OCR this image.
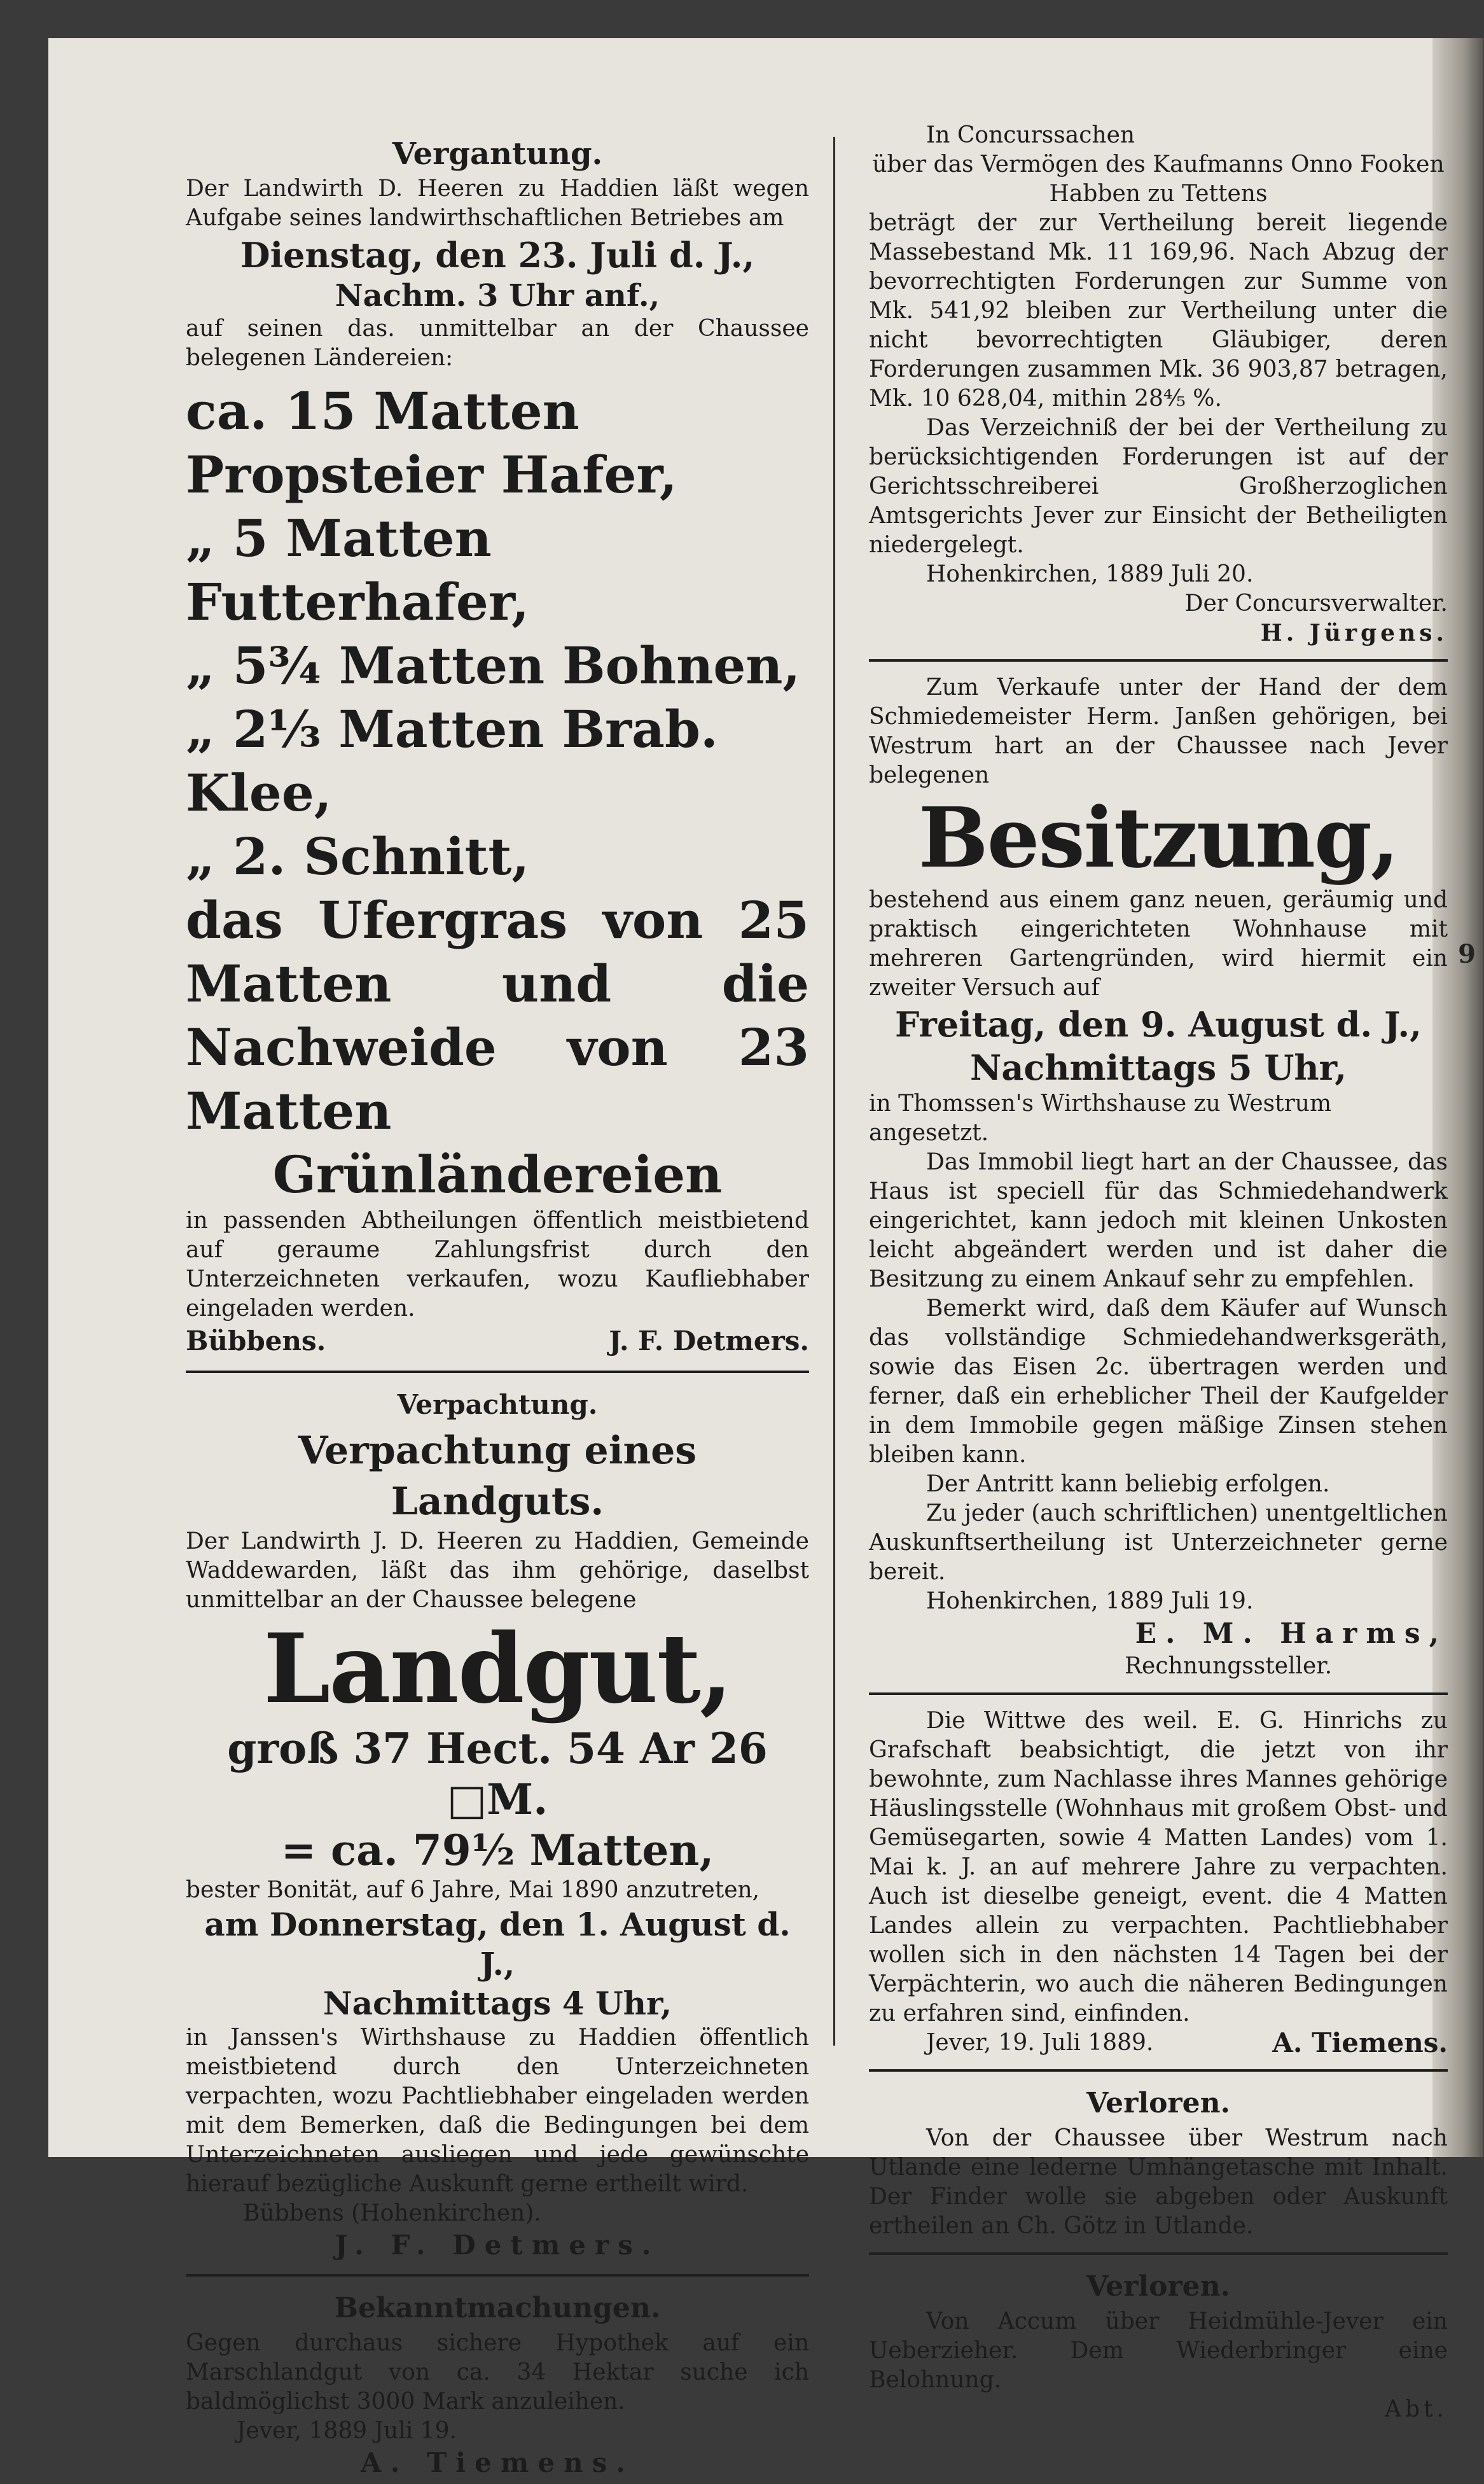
9

Vergantung.

Der Landwirth D. Heeren zu Haddien läßt wegen Aufgabe seines landwirthschaftlichen Betriebes am

Dienstag, den 23. Juli d. J.,

Nachm. 3 Uhr anf.,

auf seinen das. unmittelbar an der Chaussee belegenen Ländereien:

ca. 15 Matten Propsteier Hafer,

„ 5 Matten Futterhafer,

„ 5¾ Matten Bohnen,

„ 2⅓ Matten Brab. Klee,

„ 2. Schnitt,

das Ufergras von 25 Matten und die Nachweide von 23 Matten Grünländereien

in passenden Abtheilungen öffentlich meistbietend auf geraume Zahlungsfrist durch den Unterzeichneten verkaufen, wozu Kaufliebhaber eingeladen werden.

Bübbens.	J. F. Detmers.

Verpachtung.

Verpachtung eines Landguts.

Der Landwirth J. D. Heeren zu Haddien, Gemeinde Waddewarden, läßt das ihm gehörige, daselbst unmittelbar an der Chaussee belegene

Landgut,

groß 37 Hect. 54 Ar 26 □M.

= ca. 79½ Matten,

bester Bonität, auf 6 Jahre, Mai 1890 anzutreten,

am Donnerstag, den 1. August d. J.,

Nachmittags 4 Uhr,

in Janssen's Wirthshause zu Haddien öffentlich meistbietend durch den Unterzeichneten verpachten, wozu Pachtliebhaber eingeladen werden mit dem Bemerken, daß die Bedingungen bei dem Unterzeichneten ausliegen und jede gewünschte hierauf bezügliche Auskunft gerne ertheilt wird.

Bübbens (Hohenkirchen).

J. F. Detmers.

Bekanntmachungen.

Gegen durchaus sichere Hypothek auf ein Marschlandgut von ca. 34 Hektar suche ich baldmöglichst 3000 Mark anzuleihen.

Jever, 1889 Juli 19.

A. Tiemens.

In Concurssachen

über das Vermögen des Kaufmanns Onno Fooken Habben zu Tettens

beträgt der zur Vertheilung bereit liegende Massebestand Mk. 11 169,96. Nach Abzug der bevorrechtigten Forderungen zur Summe von Mk. 541,92 bleiben zur Vertheilung unter die nicht bevorrechtigten Gläubiger, deren Forderungen zusammen Mk. 36 903,87 betragen, Mk. 10 628,04, mithin 28⁴⁄₅ %.

Das Verzeichniß der bei der Vertheilung zu berücksichtigenden Forderungen ist auf der Gerichtsschreiberei Großherzoglichen Amtsgerichts Jever zur Einsicht der Betheiligten niedergelegt.

Hohenkirchen, 1889 Juli 20.

Der Concursverwalter.

H. Jürgens.

Zum Verkaufe unter der Hand der dem Schmiedemeister Herm. Janßen gehörigen, bei Westrum hart an der Chaussee nach Jever belegenen

Besitzung,

bestehend aus einem ganz neuen, geräumig und praktisch eingerichteten Wohnhause mit mehreren Gartengründen, wird hiermit ein zweiter Versuch auf

Freitag, den 9. August d. J.,

Nachmittags 5 Uhr,

in Thomssen's Wirthshause zu Westrum angesetzt.

Das Immobil liegt hart an der Chaussee, das Haus ist speciell für das Schmiedehandwerk eingerichtet, kann jedoch mit kleinen Unkosten leicht abgeändert werden und ist daher die Besitzung zu einem Ankauf sehr zu empfehlen.

Bemerkt wird, daß dem Käufer auf Wunsch das vollständige Schmiedehandwerksgeräth, sowie das Eisen 2c. übertragen werden und ferner, daß ein erheblicher Theil der Kaufgelder in dem Immobile gegen mäßige Zinsen stehen bleiben kann.

Der Antritt kann beliebig erfolgen.

Zu jeder (auch schriftlichen) unentgeltlichen Auskunftsertheilung ist Unterzeichneter gerne bereit.

Hohenkirchen, 1889 Juli 19.

E. M. Harms,

Rechnungssteller.

Die Wittwe des weil. E. G. Hinrichs zu Grafschaft beabsichtigt, die jetzt von ihr bewohnte, zum Nachlasse ihres Mannes gehörige Häuslingsstelle (Wohnhaus mit großem Obst- und Gemüsegarten, sowie 4 Matten Landes) vom 1. Mai k. J. an auf mehrere Jahre zu verpachten. Auch ist dieselbe geneigt, event. die 4 Matten Landes allein zu verpachten. Pachtliebhaber wollen sich in den nächsten 14 Tagen bei der Verpächterin, wo auch die näheren Bedingungen zu erfahren sind, einfinden.

Jever, 19. Juli 1889.	A. Tiemens.

Verloren.

Von der Chaussee über Westrum nach Utlande eine lederne Umhängetasche mit Inhalt. Der Finder wolle sie abgeben oder Auskunft ertheilen an Ch. Götz in Utlande.

Verloren.

Von Accum über Heidmühle-Jever ein Ueberzieher. Dem Wiederbringer eine Belohnung.

Abt.
